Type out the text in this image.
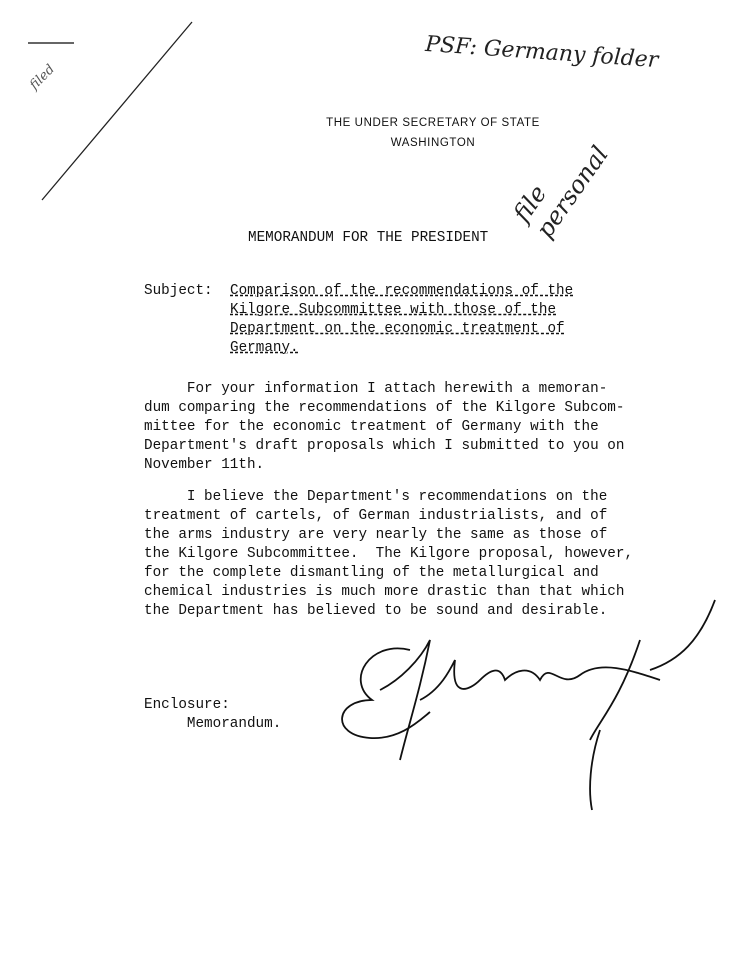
THE UNDER SECRETARY OF STATE
WASHINGTON
PSF: Germany folder
file personal
filed
MEMORANDUM FOR THE PRESIDENT
Subject: Comparison of the recommendations of the
Kilgore Subcommittee with those of the
Department on the economic treatment of
Germany.
For your information I attach herewith a memoran-
dum comparing the recommendations of the Kilgore Subcom-
mittee for the economic treatment of Germany with the
Department's draft proposals which I submitted to you on
November 11th.
I believe the Department's recommendations on the
treatment of cartels, of German industrialists, and of
the arms industry are very nearly the same as those of
the Kilgore Subcommittee.  The Kilgore proposal, however,
for the complete dismantling of the metallurgical and
chemical industries is much more drastic than that which
the Department has believed to be sound and desirable.
Enclosure:
Memorandum.
